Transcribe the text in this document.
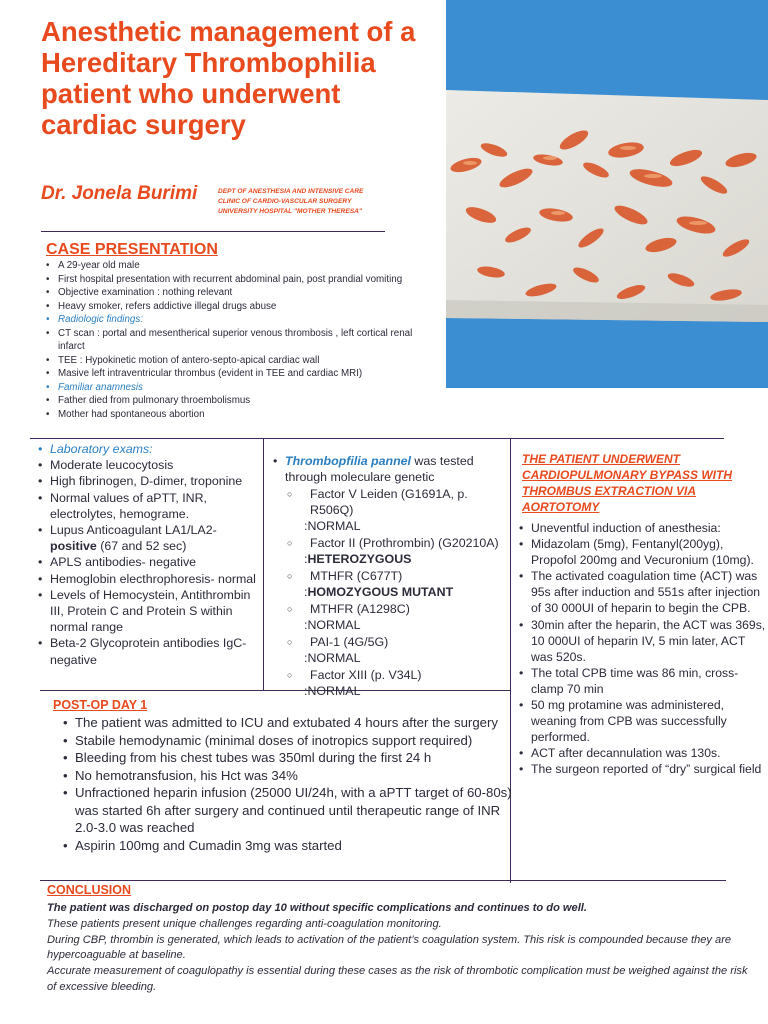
Anesthetic management of a Hereditary Thrombophilia patient who underwent cardiac surgery
Dr. Jonela Burimi	DEPT OF ANESTHESIA AND INTENSIVE CARE CLINIC OF CARDIO-VASCULAR SURGERY UNIVERSITY HOSPITAL "MOTHER THERESA"
CASE PRESENTATION
• A 29-year old male
• First hospital presentation with recurrent abdominal pain, post prandial vomiting
• Objective examination : nothing relevant
• Heavy smoker, refers addictive illegal drugs abuse
• Radiologic findings:
• CT scan : portal and mesentherical superior venous thrombosis , left cortical renal infarct
• TEE : Hypokinetic motion of antero-septo-apical cardiac wall
• Masive left intraventricular thrombus (evident in TEE and cardiac MRI)
• Familiar anamnesis
• Father died from pulmonary throembolismus
• Mother had spontaneous abortion
• Laboratory exams:
• Moderate leucocytosis
• High fibrinogen, D-dimer, troponine
• Normal values of aPTT, INR, electrolytes, hemograme.
• Lupus Anticoagulant LA1/LA2-
positive (67 and 52 sec)
• APLS antibodies- negative
• Hemoglobin electhrophoresis- normal
• Levels of Hemocystein, Antithrombin III, Protein C and Protein S within normal range
• Beta-2 Glycoprotein antibodies IgC-negative
• Thrombopfilia pannel was tested through moleculare genetic
○ Factor V Leiden (G1691A, p. R506Q)
:NORMAL
○ Factor II (Prothrombin) (G20210A)
:HETEROZYGOUS
○ MTHFR (C677T)
:HOMOZYGOUS MUTANT
○ MTHFR (A1298C)
:NORMAL
○ PAI-1 (4G/5G)
:NORMAL
○ Factor XIII (p. V34L)
:NORMAL
THE PATIENT UNDERWENT CARDIOPULMONARY BYPASS WITH THROMBUS EXTRACTION VIA AORTOTOMY
• Uneventful induction of anesthesia:
• Midazolam (5mg), Fentanyl(200yg), Propofol 200mg and Vecuronium (10mg).
• The activated coagulation time (ACT) was 95s after induction and 551s after injection of 30 000UI of heparin to begin the CPB.
• 30min after the heparin, the ACT was 369s, 10 000UI of heparin IV, 5 min later, ACT was 520s.
• The total CPB time was 86 min, cross-clamp 70 min
• 50 mg protamine was administered, weaning from CPB was successfully performed.
• ACT after decannulation was 130s.
• The surgeon reported of “dry” surgical field
POST-OP DAY 1
• The patient was admitted to ICU and extubated 4 hours after the surgery
• Stabile hemodynamic (minimal doses of inotropics support required)
• Bleeding from his chest tubes was 350ml during the first 24 h
• No hemotransfusion, his Hct was 34%
• Unfractioned heparin infusion (25000 UI/24h, with a aPTT target of 60-80s) was started 6h after surgery and continued until therapeutic range of INR 2.0-3.0 was reached
• Aspirin 100mg and Cumadin 3mg was started
CONCLUSION
The patient was discharged on postop day 10 without specific complications and continues to do well.
These patients present unique challenges regarding anti-coagulation monitoring.
During CBP, thrombin is generated, which leads to activation of the patient’s coagulation system. This risk is compounded because they are hypercoaguable at baseline.
Accurate measurement of coagulopathy is essential during these cases as the risk of thrombotic complication must be weighed against the risk of excessive bleeding.
